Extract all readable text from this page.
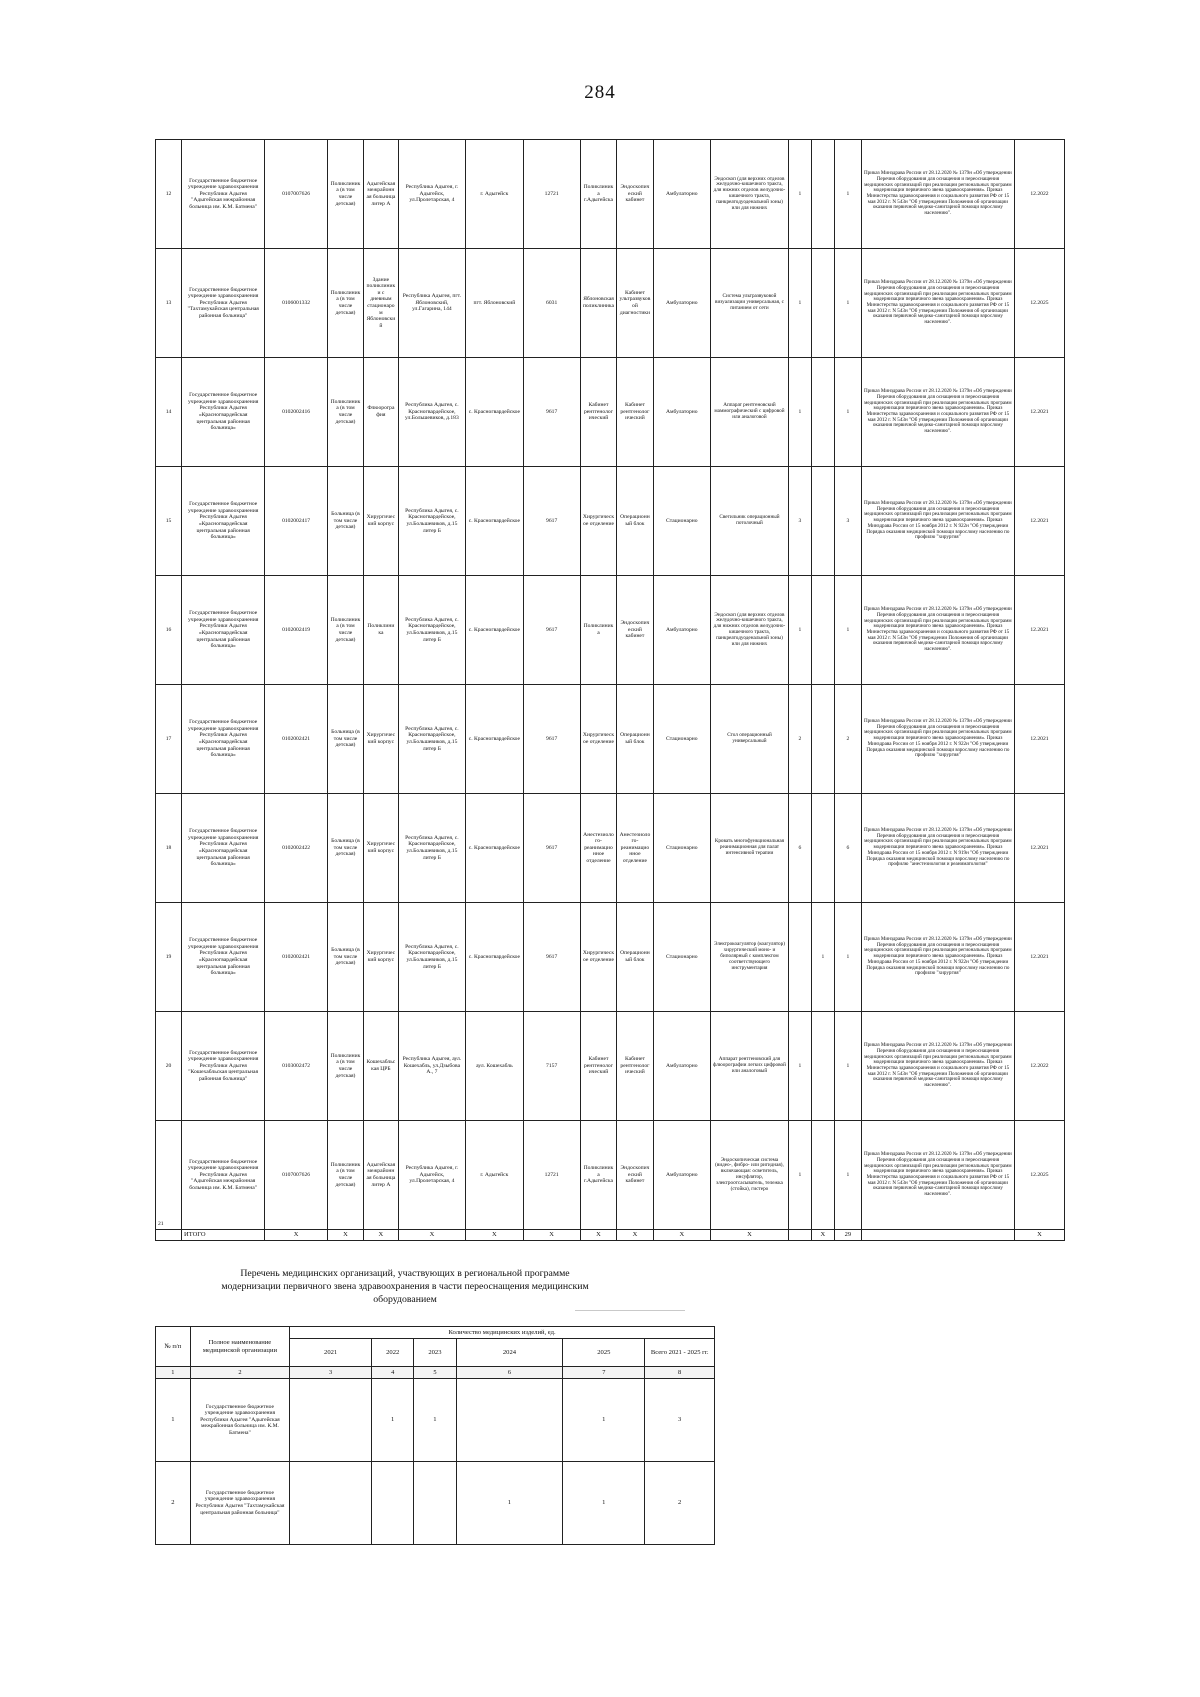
284
12	Государственное бюджетное учреждение здравоохранения Республики Адыгея "Адыгейская межрайонная больница им. К.М. Батмена"	0107007626	Поликлиника (в том числе детская)	Адыгейская межрайонная больница литер А	Республика Адыгея, г. Адыгейск, ул.Пролетарская, 4	г. Адыгейск	12721	Поликлиника г.Адыгейска	Эндоскопический кабинет	Амбулаторно	Эндоскоп (для верхних отделов желудочно-кишечного тракта, для нижних отделов желудочно-кишечного тракта, панкреатодуоденальной зоны) или для нижних	1		1	Приказ Минздрава России от 28.12.2020 № 1379н «Об утверждении Перечня оборудования для оснащения и переоснащения медицинских организаций при реализации региональных программ модернизации первичного звена здравоохранения». Приказ Министерства здравоохранения и социального развития РФ от 15 мая 2012 г. N 543н "Об утверждении Положения об организации оказания первичной медико-санитарной помощи взрослому населению".	12.2022
13	Государственное бюджетное учреждение здравоохранения Республики Адыгея "Тахтамукайская центральная районная больница"	0106001332	Поликлиника (в том числе детская)	Здание поликлиники с дневным стационаром Яблоновский	Республика Адыгея, пгт. Яблоновский, ул.Гагарина, 144	пгт. Яблоновский	6031	Яблоновская поликлиника	Кабинет ультразвуковой диагностики	Амбулаторно	Система ультразвуковой визуализации универсальная, с питанием от сети	1		1	Приказ Минздрава России от 28.12.2020 № 1379н «Об утверждении Перечня оборудования для оснащения и переоснащения медицинских организаций при реализации региональных программ модернизации первичного звена здравоохранения». Приказ Министерства здравоохранения и социального развития РФ от 15 мая 2012 г. N 543н "Об утверждении Положения об организации оказания первичной медико-санитарной помощи взрослому населению".	12.2025
14	Государственное бюджетное учреждение здравоохранения Республики Адыгея «Красногвардейская центральная районная больница»	0102002416	Поликлиника (в том числе детская)	Флюорография	Республика Адыгея, с. Красногвардейское, ул.Большевиков, д.183	с. Красногвардейское	9617	Кабинет рентгенологический	Кабинет рентгенологический	Амбулаторно	Аппарат рентгеновский маммографический с цифровой или аналоговой	1		1	Приказ Минздрава России от 28.12.2020 № 1379н «Об утверждении Перечня оборудования для оснащения и переоснащения медицинских организаций при реализации региональных программ модернизации первичного звена здравоохранения». Приказ Министерства здравоохранения и социального развития РФ от 15 мая 2012 г. N 543н "Об утверждении Положения об организации оказания первичной медико-санитарной помощи взрослому населению".	12.2021
15	Государственное бюджетное учреждение здравоохранения Республики Адыгея «Красногвардейская центральная районная больница»	0102002417	Больница (в том числе детская)	Хирургический корпус	Республика Адыгея, с. Красногвардейское, ул.Большевиков, д.15 литер Б	с. Красногвардейское	9617	Хирургическое отделение	Операционный блок	Стационарно	Светильник операционный потолочный	3		3	Приказ Минздрава России от 28.12.2020 № 1379н «Об утверждении Перечня оборудования для оснащения и переоснащения медицинских организаций при реализации региональных программ модернизации первичного звена здравоохранения». Приказ Минздрава России от 15 ноября 2012 г. N 922н "Об утверждении Порядка оказания медицинской помощи взрослому населению по профилю "хирургия"	12.2021
16	Государственное бюджетное учреждение здравоохранения Республики Адыгея «Красногвардейская центральная районная больница»	0102002419	Поликлиника (в том числе детская)	Поликлиника	Республика Адыгея, с. Красногвардейское, ул.Большевиков, д.15 литер Б	с. Красногвардейское	9617	Поликлиника	Эндоскопический кабинет	Амбулаторно	Эндоскоп (для верхних отделов желудочно-кишечного тракта, для нижних отделов желудочно-кишечного тракта, панкреатодуоденальной зоны) или для нижних	1		1	Приказ Минздрава России от 28.12.2020 № 1379н «Об утверждении Перечня оборудования для оснащения и переоснащения медицинских организаций при реализации региональных программ модернизации первичного звена здравоохранения». Приказ Министерства здравоохранения и социального развития РФ от 15 мая 2012 г. N 543н "Об утверждении Положения об организации оказания первичной медико-санитарной помощи взрослому населению".	12.2021
17	Государственное бюджетное учреждение здравоохранения Республики Адыгея «Красногвардейская центральная районная больница»	0102002421	Больница (в том числе детская)	Хирургический корпус	Республика Адыгея, с. Красногвардейское, ул.Большевиков, д.15 литер Б	с. Красногвардейское	9617	Хирургическое отделение	Операционный блок	Стационарно	Стол операционный универсальный	2		2	Приказ Минздрава России от 28.12.2020 № 1379н «Об утверждении Перечня оборудования для оснащения и переоснащения медицинских организаций при реализации региональных программ модернизации первичного звена здравоохранения». Приказ Минздрава России от 15 ноября 2012 г. N 922н "Об утверждении Порядка оказания медицинской помощи взрослому населению по профилю "хирургия"	12.2021
18	Государственное бюджетное учреждение здравоохранения Республики Адыгея «Красногвардейская центральная районная больница»	0102002422	Больница (в том числе детская)	Хирургический корпус	Республика Адыгея, с. Красногвардейское, ул.Большевиков, д.15 литер Б	с. Красногвардейское	9617	Анестезиолого-реанимационное отделение	Анестезиолого-реанимационное отделение	Стационарно	Кровать многофункциональная реанимационная для палат интенсивной терапии	6		6	Приказ Минздрава России от 28.12.2020 № 1379н «Об утверждении Перечня оборудования для оснащения и переоснащения медицинских организаций при реализации региональных программ модернизации первичного звена здравоохранения». Приказ Минздрава России от 15 ноября 2012 г. N 919н "Об утверждении Порядка оказания медицинской помощи взрослому населению по профилю "анестезиология и реаниматология"	12.2021
19	Государственное бюджетное учреждение здравоохранения Республики Адыгея «Красногвардейская центральная районная больница»	0102002421	Больница (в том числе детская)	Хирургический корпус	Республика Адыгея, с. Красногвардейское, ул.Большевиков, д.15 литер Б	с. Красногвардейское	9617	Хирургическое отделение	Операционный блок	Стационарно	Электрокоагулятор (коагулятор) хирургический моно- и биполярный с комплектом соответствующего инструментария		1	1	Приказ Минздрава России от 28.12.2020 № 1379н «Об утверждении Перечня оборудования для оснащения и переоснащения медицинских организаций при реализации региональных программ модернизации первичного звена здравоохранения». Приказ Минздрава России от 15 ноября 2012 г. N 922н "Об утверждении Порядка оказания медицинской помощи взрослому населению по профилю "хирургия"	12.2021
20	Государственное бюджетное учреждение здравоохранения Республики Адыгея "Кошехабльская центральная районная больница"	0103002472	Поликлиника (в том числе детская)	Кошехабльская ЦРБ	Республика Адыгея, аул. Кошехабль, ул.Дзыбова А., 7	аул. Кошехабль	7157	Кабинет рентгенологический	Кабинет рентгенологический	Амбулаторно	Аппарат рентгеновский для флюорографии легких цифровой или аналоговый	1		1	Приказ Минздрава России от 28.12.2020 № 1379н «Об утверждении Перечня оборудования для оснащения и переоснащения медицинских организаций при реализации региональных программ модернизации первичного звена здравоохранения». Приказ Министерства здравоохранения и социального развития РФ от 15 мая 2012 г. N 543н "Об утверждении Положения об организации оказания первичной медико-санитарной помощи взрослому населению".	12.2022
21	Государственное бюджетное учреждение здравоохранения Республики Адыгея "Адыгейская межрайонная больница им. К.М. Батмена"	0107007626	Поликлиника (в том числе детская)	Адыгейская межрайонная больница литер А	Республика Адыгея, г. Адыгейск, ул.Пролетарская, 4	г. Адыгейск	12721	Поликлиника г.Адыгейска	Эндоскопический кабинет	Амбулаторно	Эндоскопическая система (видео-, фибро- или ригидная), включающая: осветитель, инсуфлятор, электроотсасыватель, тележка (стойка), гистеро	1		1	Приказ Минздрава России от 28.12.2020 № 1379н «Об утверждении Перечня оборудования для оснащения и переоснащения медицинских организаций при реализации региональных программ модернизации первичного звена здравоохранения». Приказ Министерства здравоохранения и социального развития РФ от 15 мая 2012 г. N 543н "Об утверждении Положения об организации оказания первичной медико-санитарной помощи взрослому населению".	12.2025
	ИТОГО	X	X	X	X	X	X	X	X	X	X		X	29		X
Перечень медицинских организаций, участвующих в региональной программе
модернизации первичного звена здравоохранения в части переоснащения медицинским
оборудованием
№ п/п	Полное наименование медицинской организации	Количество медицинских изделий, ед.					
		2021	2022	2023	2024	2025	Всего 2021 - 2025 гг.
1	2	3	4	5	6	7	8
1	Государственное бюджетное учреждение здравоохранения Республики Адыгея "Адыгейская межрайонная больница им. К.М. Батмена"		1	1		1	3
2	Государственное бюджетное учреждение здравоохранения Республики Адыгея "Тахтамукайская центральная районная больница"				1	1	2
